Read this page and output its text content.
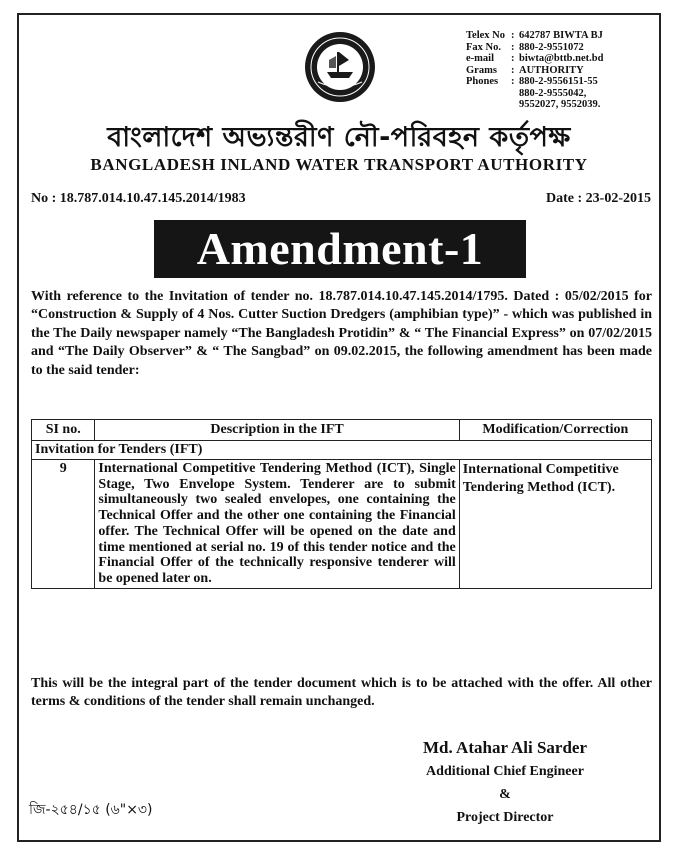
Telex No : 642787 BIWTA BJ
Fax No. : 880-2-9551072
e-mail	: biwta@bttb.net.bd
Grams	: AUTHORITY
Phones	: 880-2-9556151-55
880-2-9555042,
9552027, 9552039.
বাংলাদেশ অভ্যন্তরীণ নৌ-পরিবহন কর্তৃপক্ষ
BANGLADESH INLAND WATER TRANSPORT AUTHORITY
No : 18.787.014.10.47.145.2014/1983	Date : 23-02-2015
Amendment-1
With reference to the Invitation of tender no. 18.787.014.10.47.145.2014/1795. Dated : 05/02/2015 for “Construction & Supply of 4 Nos. Cutter Suction Dredgers (amphibian type)” - which was published in the The Daily newspaper namely “The Bangladesh Protidin” & “ The Financial Express” on 07/02/2015 and “The Daily Observer” & “ The Sangbad” on 09.02.2015, the following amendment has been made to the said tender:
SI no.	Description in the IFT	Modification/Correction
Invitation for Tenders (IFT)		
9	International Competitive Tendering Method (ICT), Single Stage, Two Envelope System. Tenderer are to submit simultaneously two sealed envelopes, one containing the Technical Offer and the other one containing the Financial offer. The Technical Offer will be opened on the date and time mentioned at serial no. 19 of this tender notice and the Financial Offer of the technically responsive tenderer will be opened later on.	International Competitive Tendering Method (ICT).
This will be the integral part of the tender document which is to be attached with the offer. All other terms & conditions of the tender shall remain unchanged.
Md. Atahar Ali Sarder
Additional Chief Engineer
&
Project Director
জি-২৫৪/১৫ (৬"×৩)
